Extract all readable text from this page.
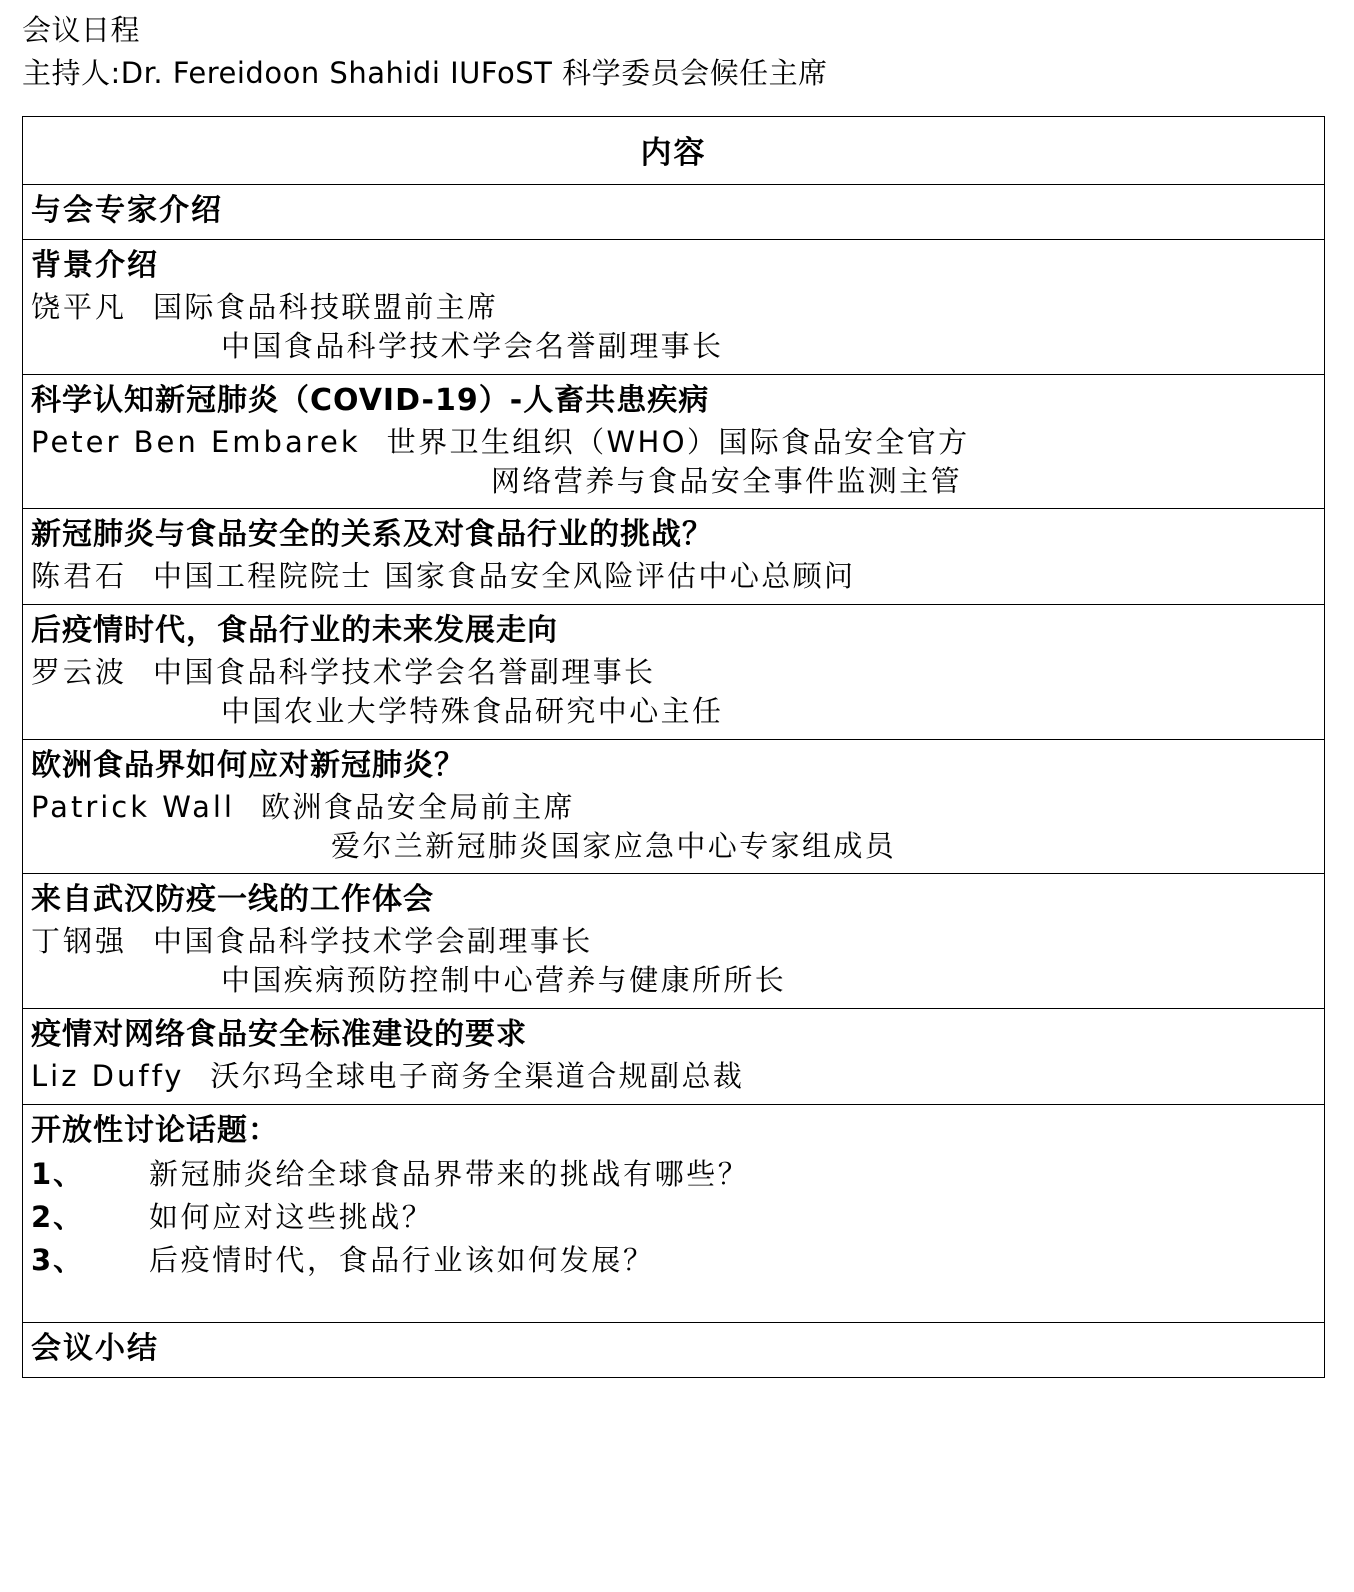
会议日程
主持人:Dr. Fereidoon Shahidi IUFoST 科学委员会候任主席
内容

与会专家介绍

背景介绍
饶平凡 国际食品科技联盟前主席
中国食品科学技术学会名誉副理事长

科学认知新冠肺炎（COVID-19）-人畜共患疾病
Peter Ben Embarek 世界卫生组织（WHO）国际食品安全官方
网络营养与食品安全事件监测主管

新冠肺炎与食品安全的关系及对食品行业的挑战？
陈君石 中国工程院院士 国家食品安全风险评估中心总顾问

后疫情时代，食品行业的未来发展走向
罗云波 中国食品科学技术学会名誉副理事长
中国农业大学特殊食品研究中心主任

欧洲食品界如何应对新冠肺炎？
Patrick Wall 欧洲食品安全局前主席
爱尔兰新冠肺炎国家应急中心专家组成员

来自武汉防疫一线的工作体会
丁钢强 中国食品科学技术学会副理事长
中国疾病预防控制中心营养与健康所所长

疫情对网络食品安全标准建设的要求
Liz Duffy 沃尔玛全球电子商务全渠道合规副总裁

开放性讨论话题：
1、 新冠肺炎给全球食品界带来的挑战有哪些？
2、 如何应对这些挑战？
3、 后疫情时代，食品行业该如何发展？

会议小结
